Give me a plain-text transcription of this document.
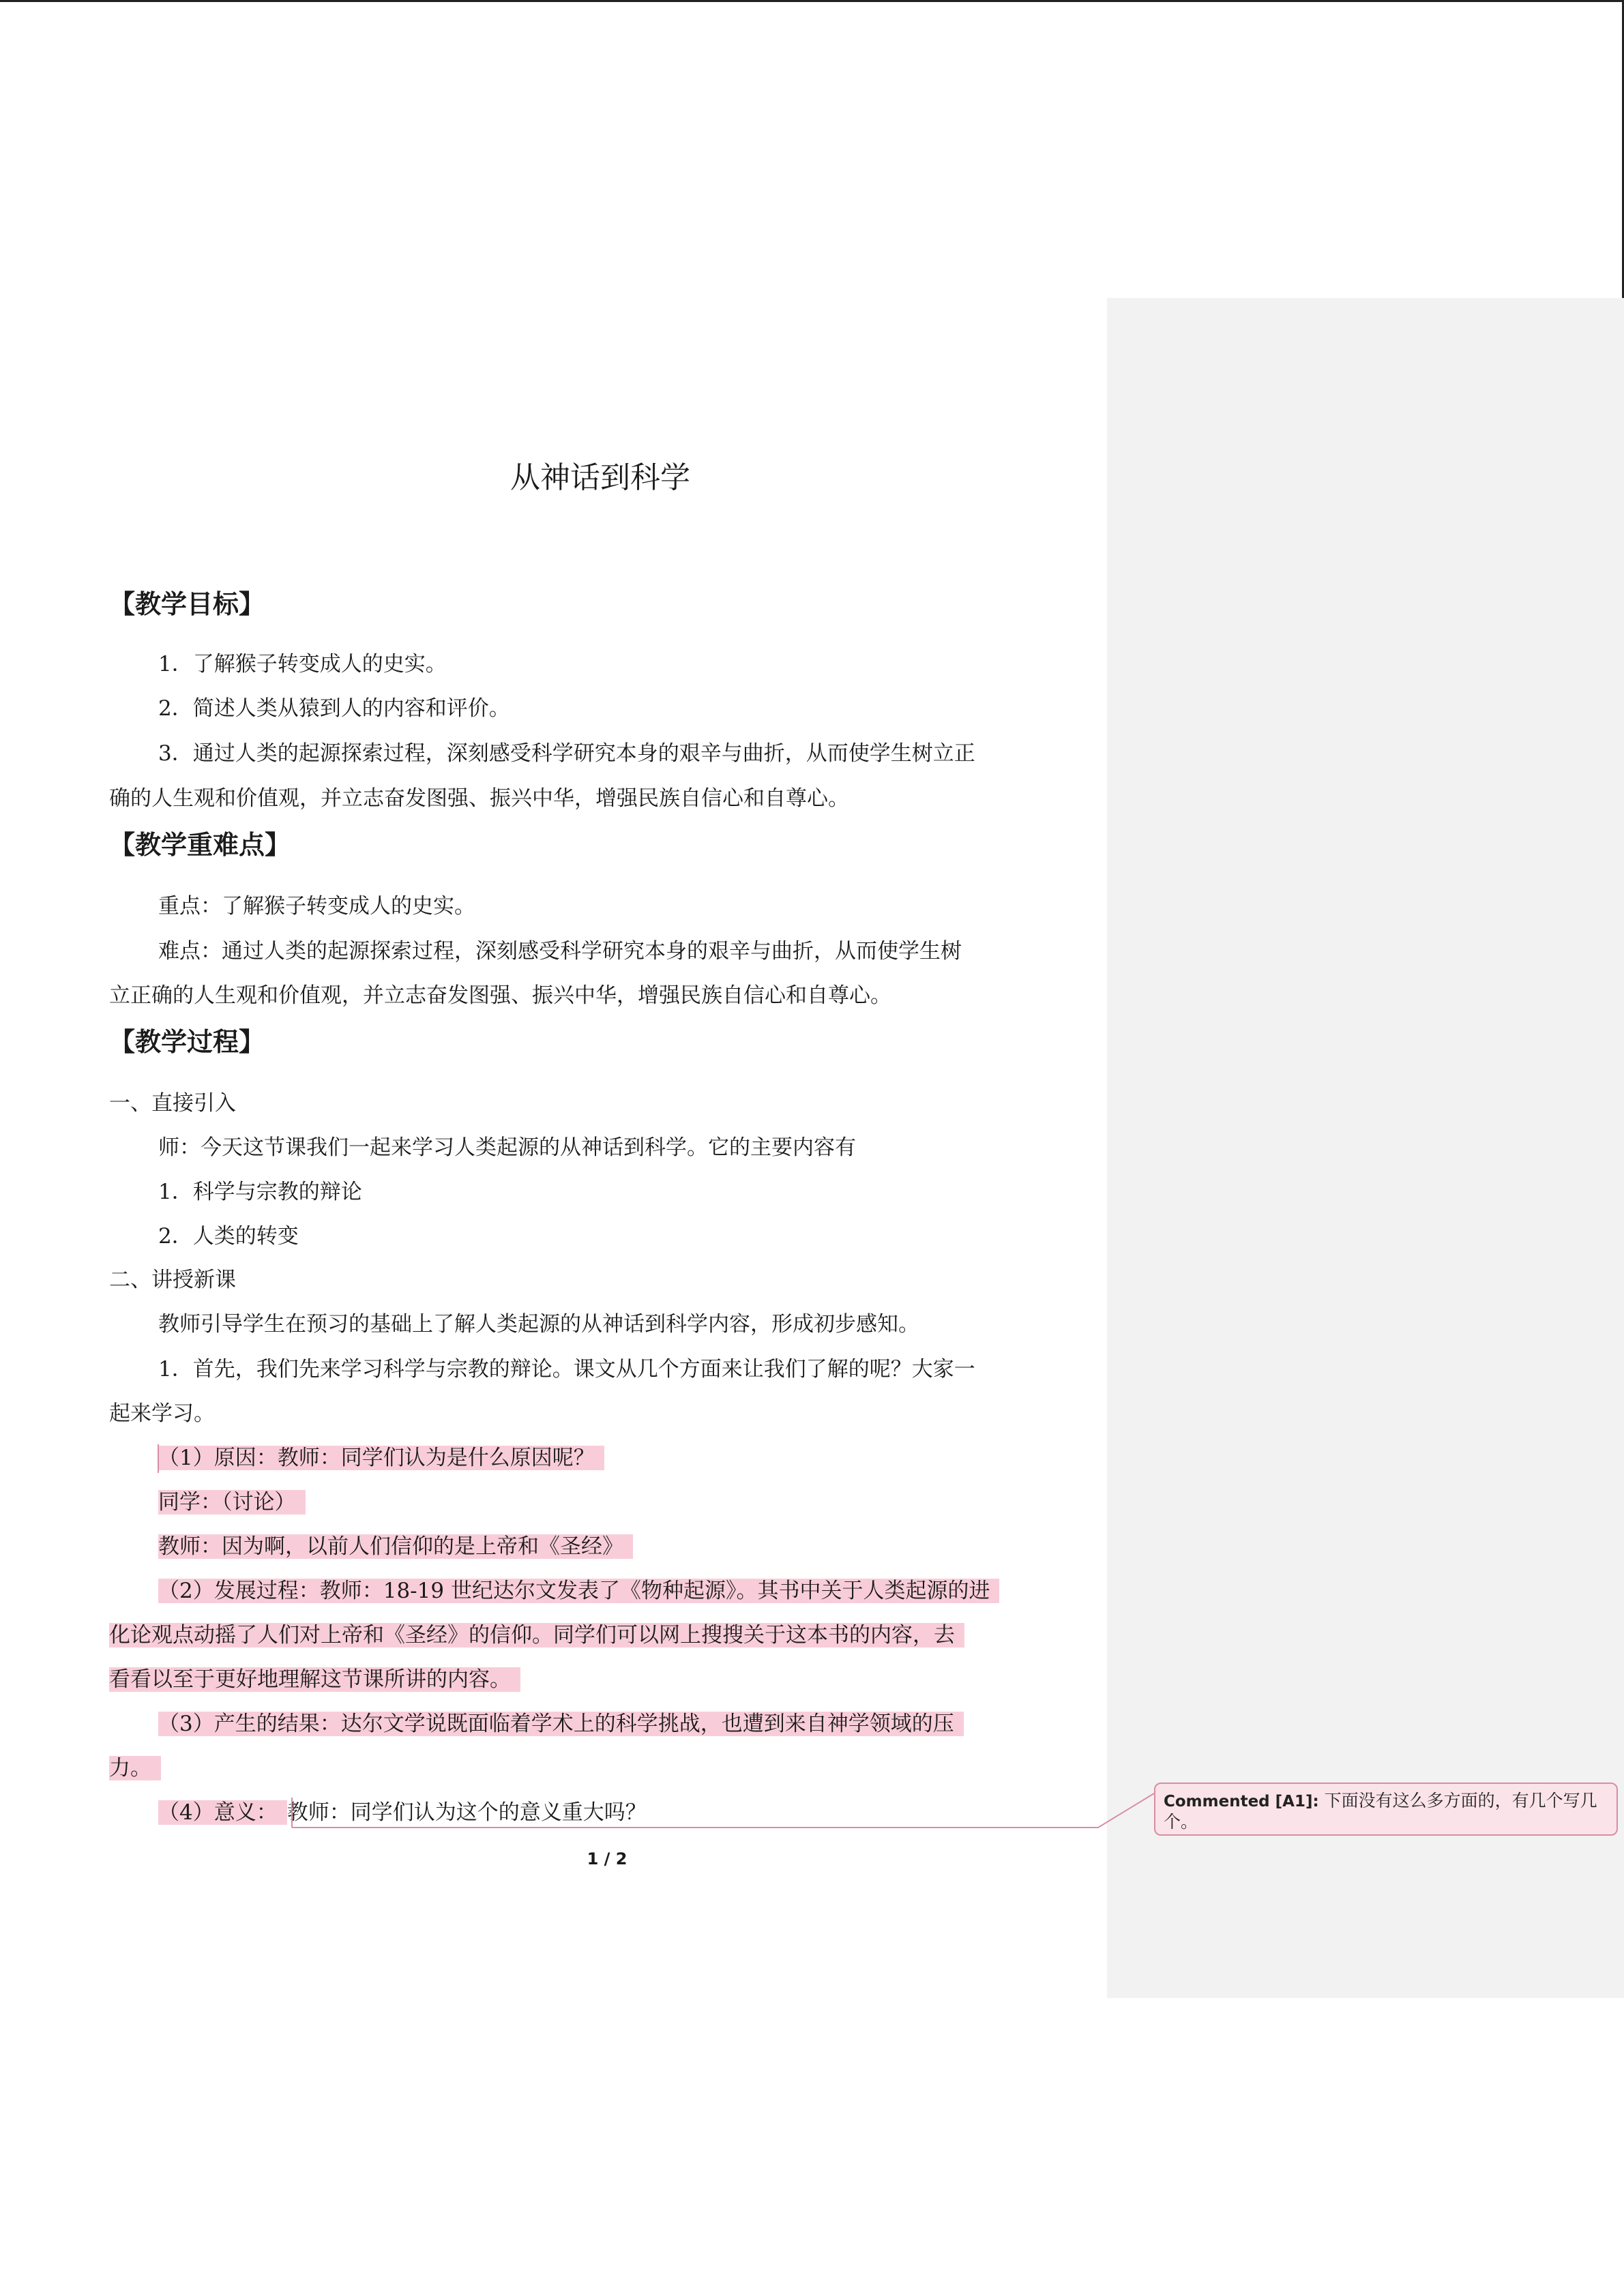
从神话到科学
【教学目标】
1．了解猴子转变成人的史实。
2．简述人类从猿到人的内容和评价。
3．通过人类的起源探索过程，深刻感受科学研究本身的艰辛与曲折，从而使学生树立正
确的人生观和价值观，并立志奋发图强、振兴中华，增强民族自信心和自尊心。
【教学重难点】
重点：了解猴子转变成人的史实。
难点：通过人类的起源探索过程，深刻感受科学研究本身的艰辛与曲折，从而使学生树
立正确的人生观和价值观，并立志奋发图强、振兴中华，增强民族自信心和自尊心。
【教学过程】
一、直接引入
师：今天这节课我们一起来学习人类起源的从神话到科学。它的主要内容有
1．科学与宗教的辩论
2．人类的转变
二、讲授新课
教师引导学生在预习的基础上了解人类起源的从神话到科学内容，形成初步感知。
1．首先，我们先来学习科学与宗教的辩论。课文从几个方面来让我们了解的呢？大家一
起来学习。
（1）原因：教师：同学们认为是什么原因呢？
同学：（讨论）
教师：因为啊，以前人们信仰的是上帝和《圣经》
（2）发展过程：教师：18-19 世纪达尔文发表了《物种起源》。其书中关于人类起源的进
化论观点动摇了人们对上帝和《圣经》的信仰。同学们可以网上搜搜关于这本书的内容，去
看看以至于更好地理解这节课所讲的内容。
（3）产生的结果：达尔文学说既面临着学术上的科学挑战，也遭到来自神学领域的压
力。
（4）意义： 教师：同学们认为这个的意义重大吗？
1 / 2
Commented [A1]: 下面没有这么多方面的，有几个写几
个。
